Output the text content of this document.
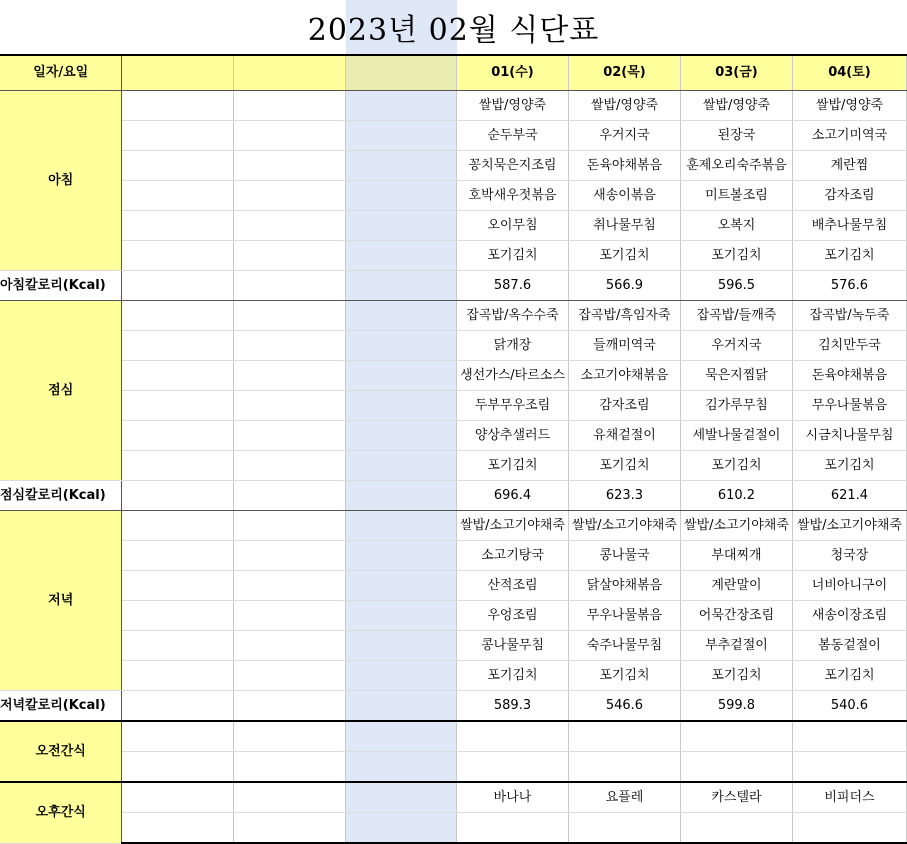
2023년 02월 식단표
일자/요일				01(수)	02(목)	03(금)	04(토)
아침				쌀밥/영양죽	쌀밥/영양죽	쌀밥/영양죽	쌀밥/영양죽
				순두부국	우거지국	된장국	소고기미역국
				꽁치묵은지조림	돈육야채볶음	훈제오리숙주볶음	계란찜
				호박새우젓볶음	새송이볶음	미트볼조림	감자조림
				오이무침	취나물무침	오복지	배추나물무침
				포기김치	포기김치	포기김치	포기김치
아침칼로리(Kcal)				587.6	566.9	596.5	576.6
점심				잡곡밥/옥수수죽	잡곡밥/흑임자죽	잡곡밥/들깨죽	잡곡밥/녹두죽
				닭개장	들깨미역국	우거지국	김치만두국
				생선가스/타르소스	소고기야채볶음	묵은지찜닭	돈육야채볶음
				두부무우조림	감자조림	김가루무침	무우나물볶음
				양상추샐러드	유채겉절이	세발나물겉절이	시금치나물무침
				포기김치	포기김치	포기김치	포기김치
점심칼로리(Kcal)				696.4	623.3	610.2	621.4
저녁				쌀밥/소고기야채죽	쌀밥/소고기야채죽	쌀밥/소고기야채죽	쌀밥/소고기야채죽
				소고기탕국	콩나물국	부대찌개	청국장
				산적조림	닭살야채볶음	계란말이	너비아니구이
				우엉조림	무우나물볶음	어묵간장조림	새송이장조림
				콩나물무침	숙주나물무침	부추겉절이	봄동겉절이
				포기김치	포기김치	포기김치	포기김치
저녁칼로리(Kcal)				589.3	546.6	599.8	540.6
오전간식							

오후간식				바나나	요플레	카스텔라	비피더스
